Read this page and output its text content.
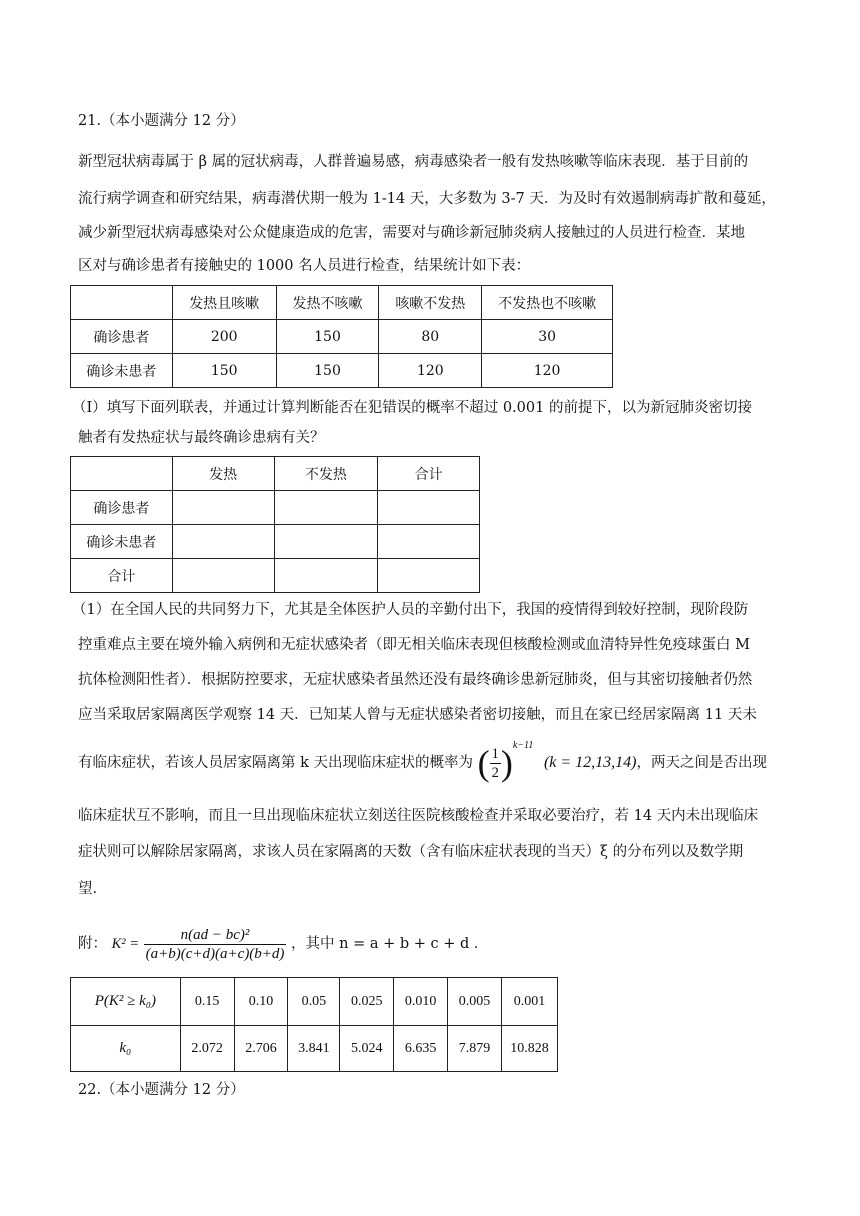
21.（本小题满分 12 分）
新型冠状病毒属于 β 属的冠状病毒，人群普遍易感，病毒感染者一般有发热咳嗽等临床表现．基于目前的
流行病学调查和研究结果，病毒潜伏期一般为 1-14 天，大多数为 3-7 天．为及时有效遏制病毒扩散和蔓延，
减少新型冠状病毒感染对公众健康造成的危害，需要对与确诊新冠肺炎病人接触过的人员进行检查．某地
区对与确诊患者有接触史的 1000 名人员进行检查，结果统计如下表：
	发热且咳嗽	发热不咳嗽	咳嗽不发热	不发热也不咳嗽
确诊患者	200	150	80	30
确诊未患者	150	150	120	120
（Ⅰ）填写下面列联表，并通过计算判断能否在犯错误的概率不超过 0.001 的前提下，以为新冠肺炎密切接
触者有发热症状与最终确诊患病有关？
	发热	不发热	合计
确诊患者			
确诊未患者			
合计			
（1）在全国人民的共同努力下，尤其是全体医护人员的辛勤付出下，我国的疫情得到较好控制，现阶段防
控重难点主要在境外输入病例和无症状感染者（即无相关临床表现但核酸检测或血清特异性免疫球蛋白 M
抗体检测阳性者）．根据防控要求，无症状感染者虽然还没有最终确诊患新冠肺炎，但与其密切接触者仍然
应当采取居家隔离医学观察 14 天．已知某人曾与无症状感染者密切接触，而且在家已经居家隔离 11 天未
有临床症状，若该人员居家隔离第 k 天出现临床症状的概率为 ( $\frac{1}{2} )k-11$ (k = 12,13,14)，两天之间是否出现
临床症状互不影响，而且一旦出现临床症状立刻送往医院核酸检查并采取必要治疗，若 14 天内未出现临床
症状则可以解除居家隔离，求该人员在家隔离的天数（含有临床症状表现的当天）ξ 的分布列以及数学期
望．
附： $K^2 = \frac{\text{n(ad − bc)²}}{(a+b)(c+d)(a+c)(b+d)}$ ，其中 n = a + b + c + d ．
P(K² ≥ k₀)	0.15	0.10	0.05	0.025	0.010	0.005	0.001
k₀	2.072	2.706	3.841	5.024	6.635	7.879	10.828
22.（本小题满分 12 分）
